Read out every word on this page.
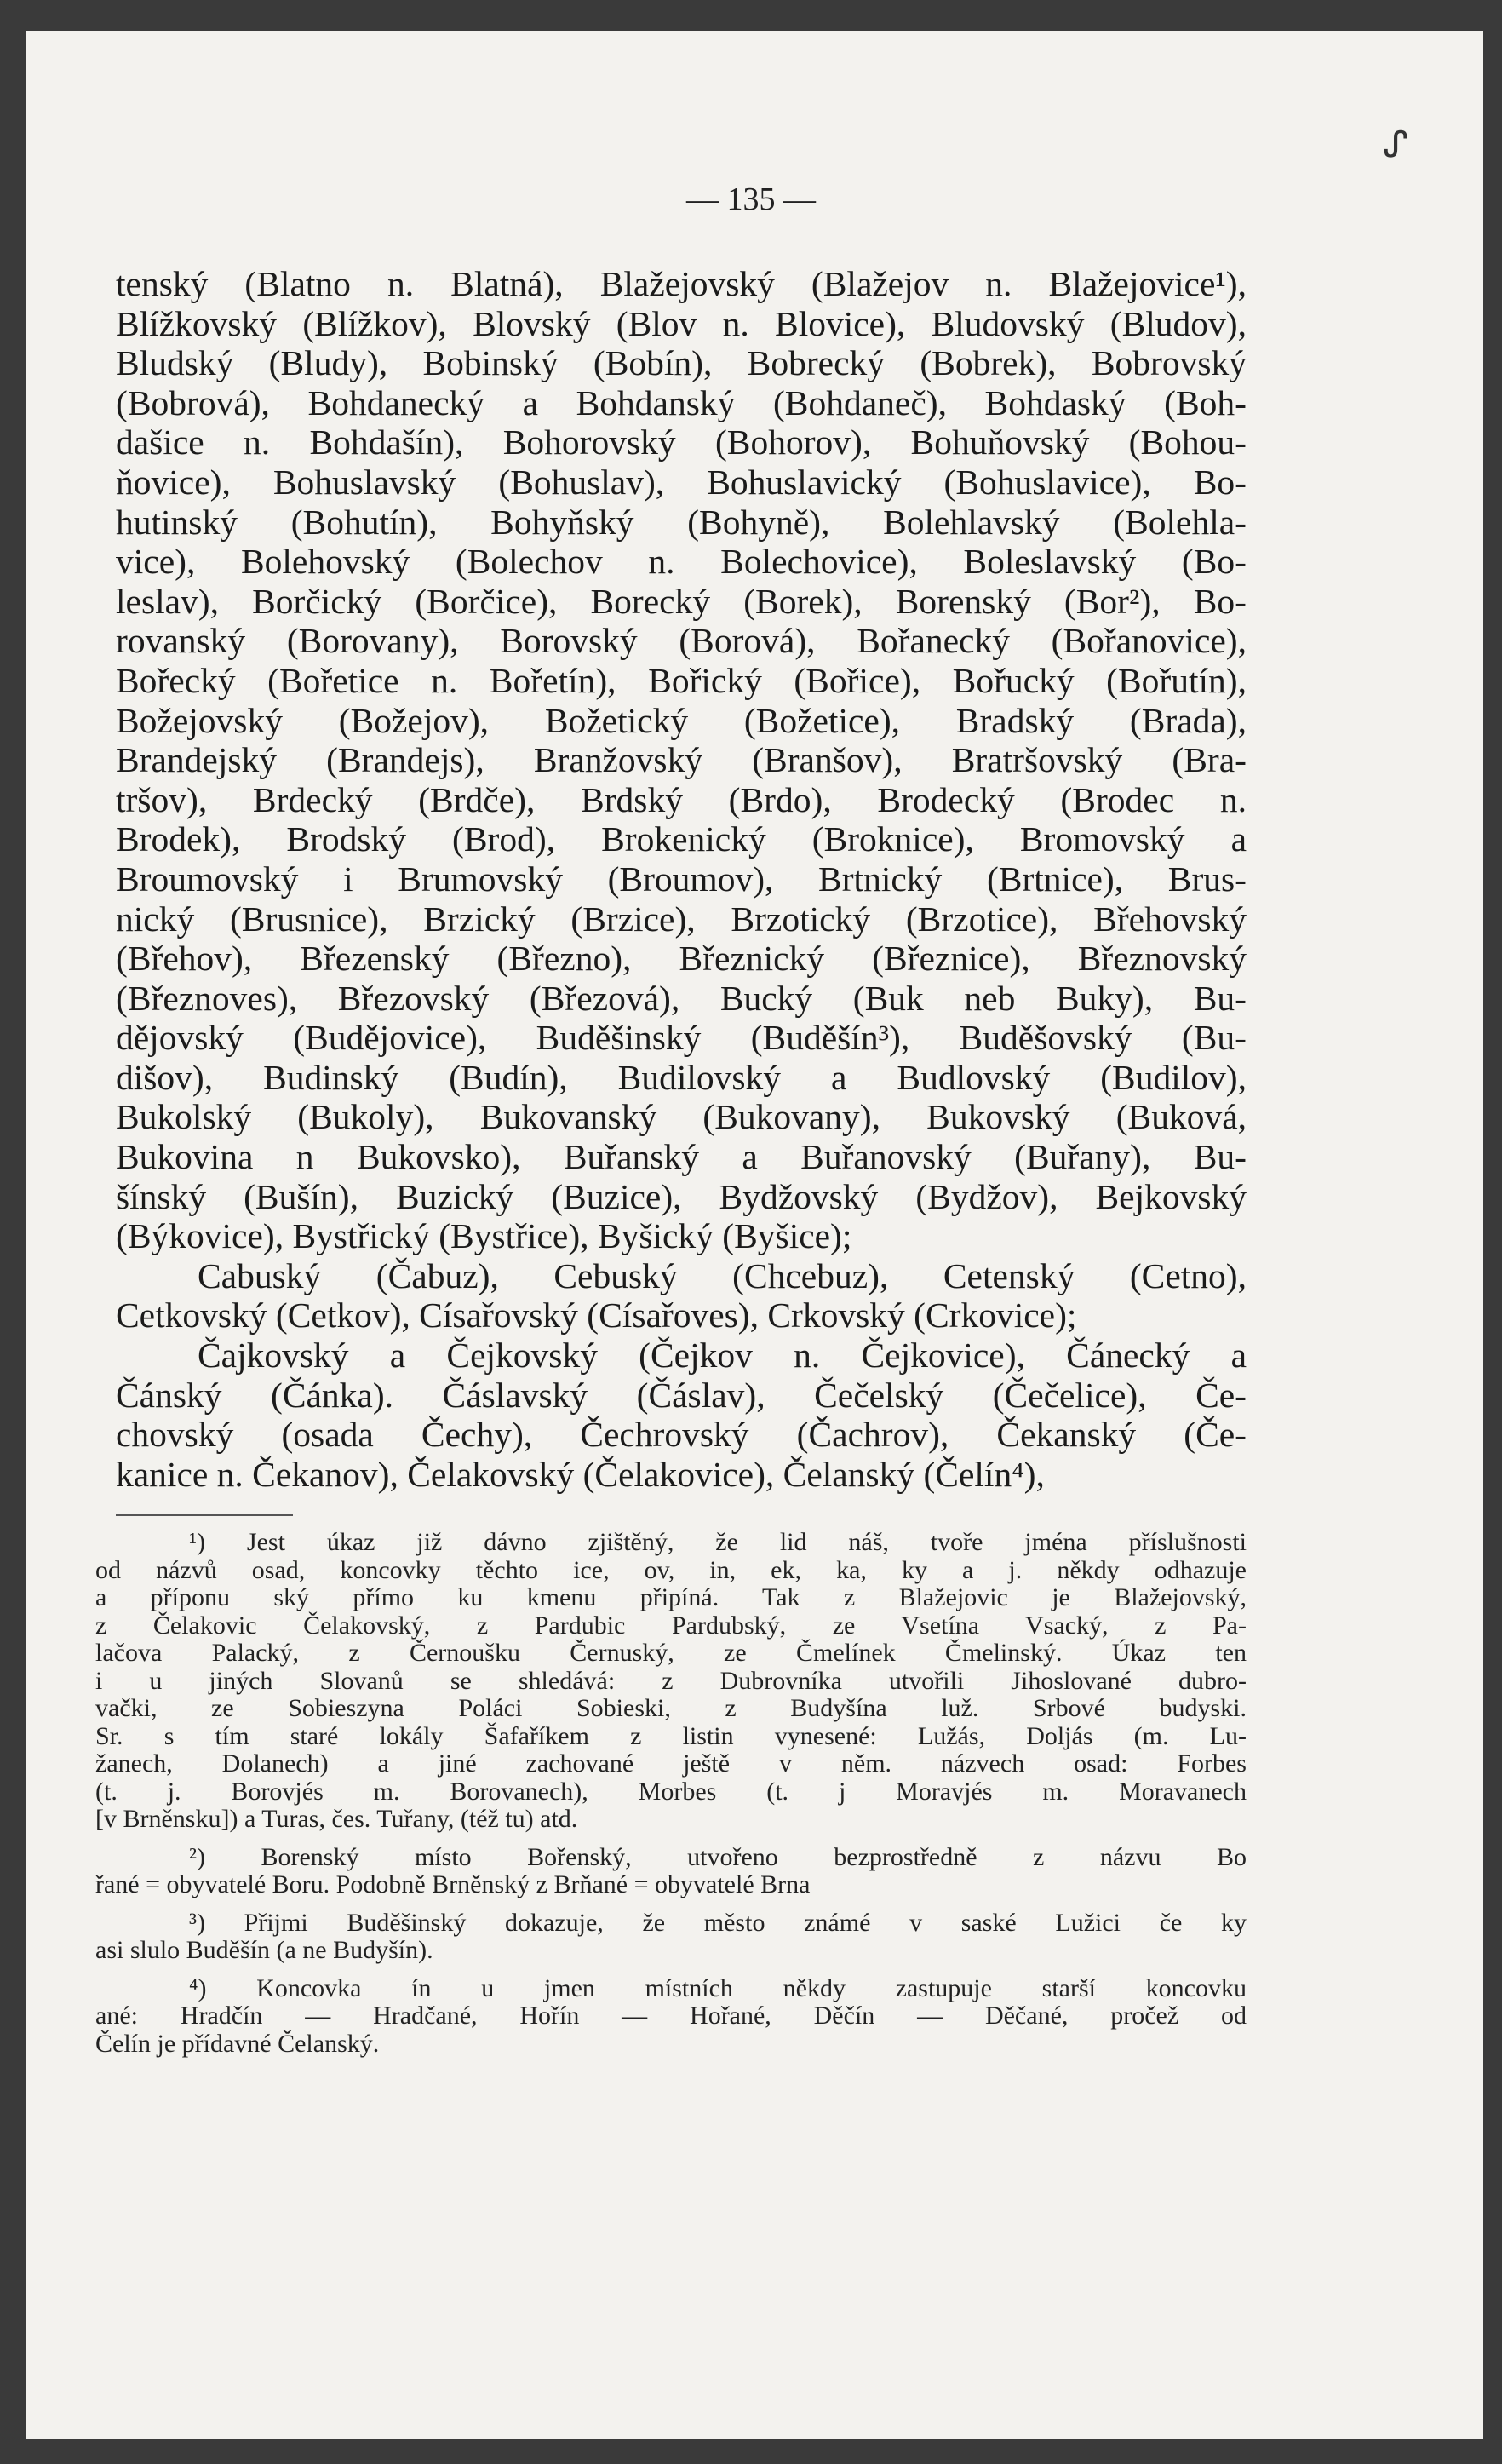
ᔑ
— 135 —
tenský (Blatno n. Blatná), Blažejovský (Blažejov n. Blažejovice¹),
Blížkovský (Blížkov), Blovský (Blov n. Blovice), Bludovský (Bludov),
Bludský (Bludy), Bobinský (Bobín), Bobrecký (Bobrek), Bobrovský
(Bobrová), Bohdanecký a Bohdanský (Bohdaneč), Bohdaský (Boh-
dašice n. Bohdašín), Bohorovský (Bohorov), Bohuňovský (Bohou-
ňovice), Bohuslavský (Bohuslav), Bohuslavický (Bohuslavice), Bo-
hutinský (Bohutín), Bohyňský (Bohyně), Bolehlavský (Bolehla-
vice), Bolehovský (Bolechov n. Bolechovice), Boleslavský (Bo-
leslav), Borčický (Borčice), Borecký (Borek), Borenský (Bor²), Bo-
rovanský (Borovany), Borovský (Borová), Bořanecký (Bořanovice),
Bořecký (Bořetice n. Bořetín), Bořický (Bořice), Bořucký (Bořutín),
Božejovský (Božejov), Božetický (Božetice), Bradský (Brada),
Brandejský (Brandejs), Branžovský (Branšov), Bratršovský (Bra-
tršov), Brdecký (Brdče), Brdský (Brdo), Brodecký (Brodec n.
Brodek), Brodský (Brod), Brokenický (Broknice), Bromovský a
Broumovský i Brumovský (Broumov), Brtnický (Brtnice), Brus-
nický (Brusnice), Brzický (Brzice), Brzotický (Brzotice), Břehovský
(Břehov), Březenský (Březno), Březnický (Březnice), Březnovský
(Březnoves), Březovský (Březová), Bucký (Buk neb Buky), Bu-
dějovský (Budějovice), Buděšinský (Buděšín³), Buděšovský (Bu-
dišov), Budinský (Budín), Budilovský a Budlovský (Budilov),
Bukolský (Bukoly), Bukovanský (Bukovany), Bukovský (Buková,
Bukovina n Bukovsko), Buřanský a Buřanovský (Buřany), Bu-
šínský (Bušín), Buzický (Buzice), Bydžovský (Bydžov), Bejkovský
(Býkovice), Bystřický (Bystřice), Byšický (Byšice);
Cabuský (Čabuz), Cebuský (Chcebuz), Cetenský (Cetno),
Cetkovský (Cetkov), Císařovský (Císařoves), Crkovský (Crkovice);
Čajkovský a Čejkovský (Čejkov n. Čejkovice), Čánecký a
Čánský (Čánka). Čáslavský (Čáslav), Čečelský (Čečelice), Če-
chovský (osada Čechy), Čechrovský (Čachrov), Čekanský (Če-
kanice n. Čekanov), Čelakovský (Čelakovice), Čelanský (Čelín⁴),
¹) Jest úkaz již dávno zjištěný, že lid náš, tvoře jména příslušnosti
od názvů osad, koncovky těchto ice, ov, in, ek, ka, ky a j. někdy odhazuje
a příponu ský přímo ku kmenu připíná. Tak z Blažejovic je Blažejovský,
z Čelakovic Čelakovský, z Pardubic Pardubský, ze Vsetína Vsacký, z Pa-
lačova Palacký, z Černoušku Černuský, ze Čmelínek Čmelinský. Úkaz ten
i u jiných Slovanů se shledává: z Dubrovníka utvořili Jihoslované dubro-
vački, ze Sobieszyna Poláci Sobieski, z Budyšína luž. Srbové budyski.
Sr. s tím staré lokály Šafaříkem z listin vynesené: Lužás, Doljás (m. Lu-
žanech, Dolanech) a jiné zachované ještě v něm. názvech osad: Forbes
(t. j. Borovjés m. Borovanech), Morbes (t. j Moravjés m. Moravanech
[v Brněnsku]) a Turas, čes. Tuřany, (též tu) atd.
²) Borenský místo Bořenský, utvořeno bezprostředně z názvu Bo
řané = obyvatelé Boru. Podobně Brněnský z Brňané = obyvatelé Brna
³) Přijmi Buděšinský dokazuje, že město známé v saské Lužici če ky
asi slulo Buděšín (a ne Budyšín).
⁴) Koncovka ín u jmen místních někdy zastupuje starší koncovku
ané: Hradčín — Hradčané, Hořín — Hořané, Děčín — Děčané, pročež od
Čelín je přídavné Čelanský.
